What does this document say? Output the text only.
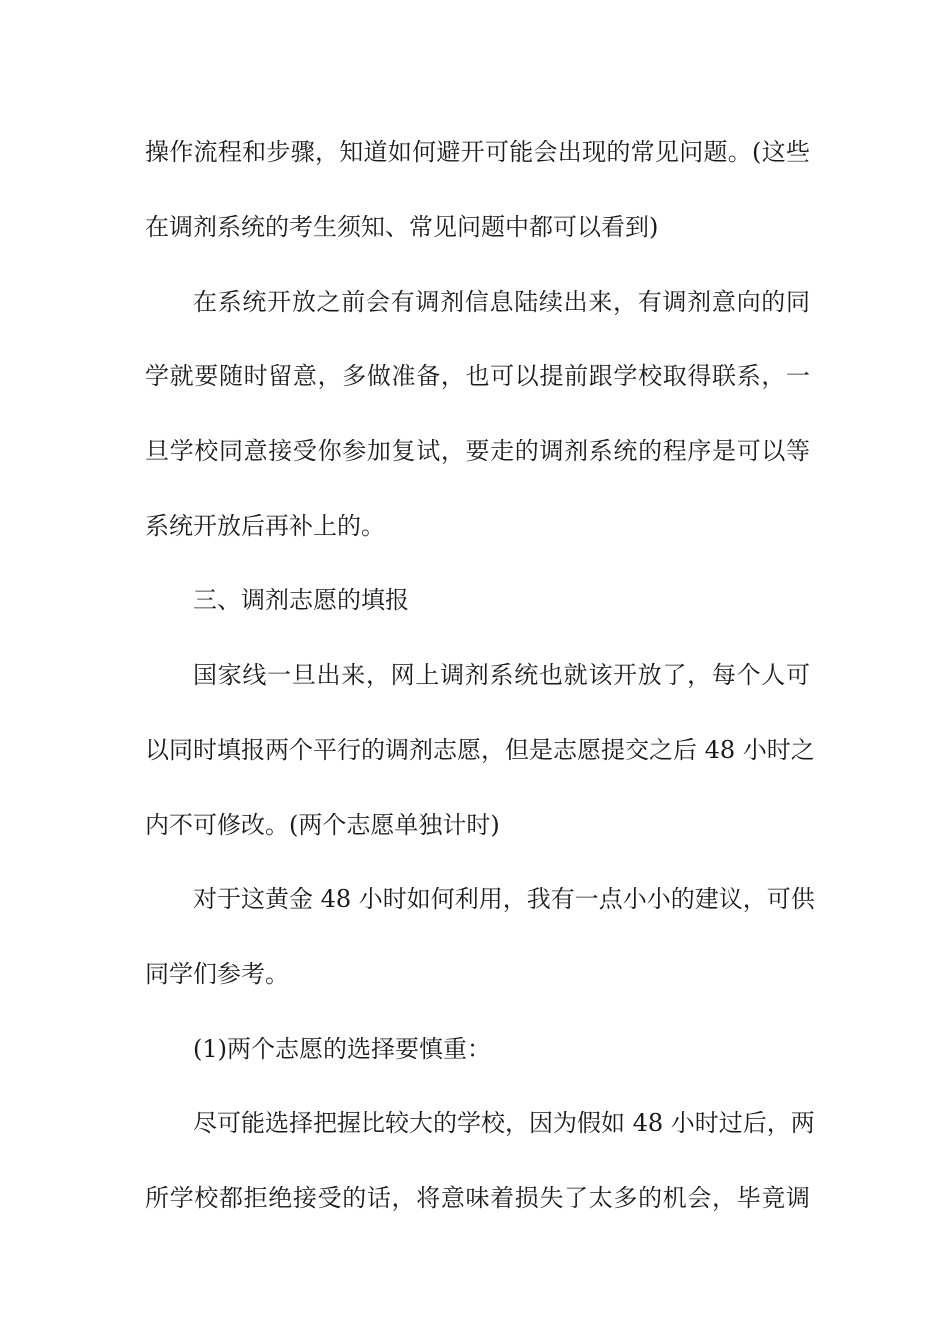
操作流程和步骤，知道如何避开可能会出现的常见问题。(这些
在调剂系统的考生须知、常见问题中都可以看到)
在系统开放之前会有调剂信息陆续出来，有调剂意向的同
学就要随时留意，多做准备，也可以提前跟学校取得联系，一
旦学校同意接受你参加复试，要走的调剂系统的程序是可以等
系统开放后再补上的。
三、调剂志愿的填报
国家线一旦出来，网上调剂系统也就该开放了，每个人可
以同时填报两个平行的调剂志愿，但是志愿提交之后 48 小时之
内不可修改。(两个志愿单独计时)
对于这黄金 48 小时如何利用，我有一点小小的建议，可供
同学们参考。
(1)两个志愿的选择要慎重：
尽可能选择把握比较大的学校，因为假如 48 小时过后，两
所学校都拒绝接受的话，将意味着损失了太多的机会，毕竟调
